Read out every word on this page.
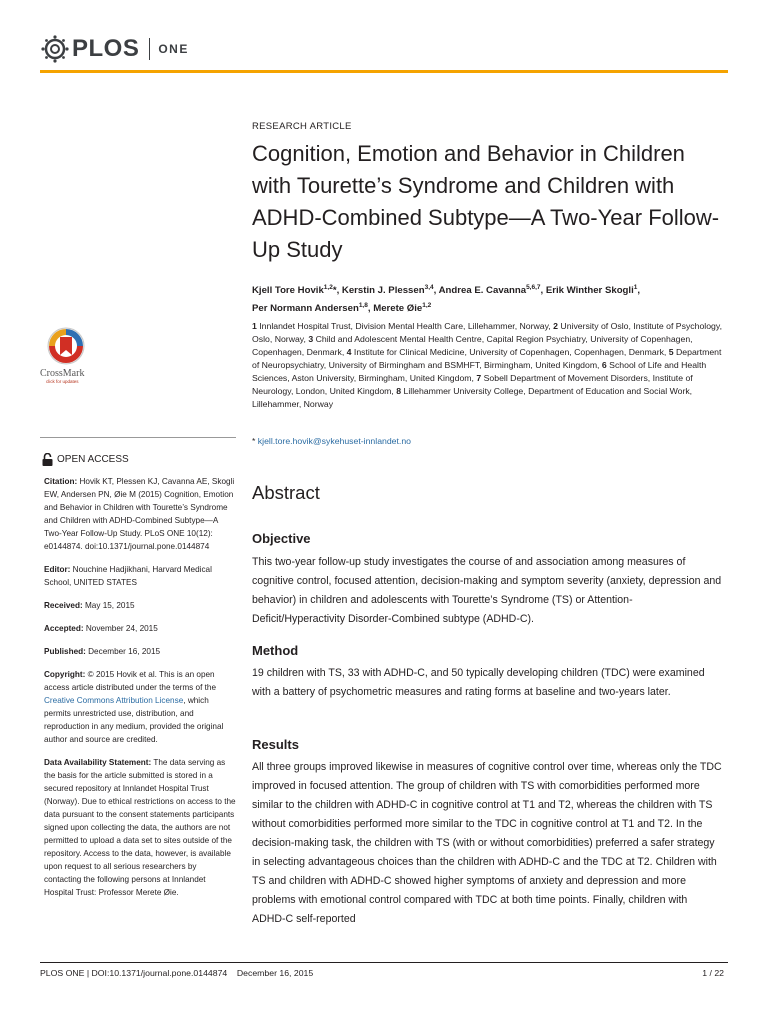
PLOS ONE
CrossMark
click for updates
OPEN ACCESS
Citation: Hovik KT, Plessen KJ, Cavanna AE, Skogli EW, Andersen PN, Øie M (2015) Cognition, Emotion and Behavior in Children with Tourette’s Syndrome and Children with ADHD-Combined Subtype—A Two-Year Follow-Up Study. PLoS ONE 10(12): e0144874. doi:10.1371/journal.pone.0144874
Editor: Nouchine Hadjikhani, Harvard Medical School, UNITED STATES
Received: May 15, 2015
Accepted: November 24, 2015
Published: December 16, 2015
Copyright: © 2015 Hovik et al. This is an open access article distributed under the terms of the Creative Commons Attribution License, which permits unrestricted use, distribution, and reproduction in any medium, provided the original author and source are credited.
Data Availability Statement: The data serving as the basis for the article submitted is stored in a secured repository at Innlandet Hospital Trust (Norway). Due to ethical restrictions on access to the data pursuant to the consent statements participants signed upon collecting the data, the authors are not permitted to upload a data set to sites outside of the repository. Access to the data, however, is available upon request to all serious researchers by contacting the following persons at Innlandet Hospital Trust: Professor Merete Øie.
RESEARCH ARTICLE
Cognition, Emotion and Behavior in Children with Tourette’s Syndrome and Children with ADHD-Combined Subtype—A Two-Year Follow-Up Study
Kjell Tore Hovik$^{1,2}$*, Kerstin J. Plessen$^{3,4}$, Andrea E. Cavanna$^{5,6,7}$, Erik Winther Skogli$^1$,
Per Normann Andersen$^{1,8}$, Merete Øie$^{1,2}$
1 Innlandet Hospital Trust, Division Mental Health Care, Lillehammer, Norway, 2 University of Oslo, Institute of Psychology, Oslo, Norway, 3 Child and Adolescent Mental Health Centre, Capital Region Psychiatry, University of Copenhagen, Copenhagen, Denmark, 4 Institute for Clinical Medicine, University of Copenhagen, Copenhagen, Denmark, 5 Department of Neuropsychiatry, University of Birmingham and BSMHFT, Birmingham, United Kingdom, 6 School of Life and Health Sciences, Aston University, Birmingham, United Kingdom, 7 Sobell Department of Movement Disorders, Institute of Neurology, London, United Kingdom, 8 Lillehammer University College, Department of Education and Social Work, Lillehammer, Norway
* kjell.tore.hovik@sykehuset-innlandet.no
Abstract
Objective
This two-year follow-up study investigates the course of and association among measures of cognitive control, focused attention, decision-making and symptom severity (anxiety, depression and behavior) in children and adolescents with Tourette’s Syndrome (TS) or Attention-Deficit/Hyperactivity Disorder-Combined subtype (ADHD-C).
Method
19 children with TS, 33 with ADHD-C, and 50 typically developing children (TDC) were examined with a battery of psychometric measures and rating forms at baseline and two-years later.
Results
All three groups improved likewise in measures of cognitive control over time, whereas only the TDC improved in focused attention. The group of children with TS with comorbidities performed more similar to the children with ADHD-C in cognitive control at T1 and T2, whereas the children with TS without comorbidities performed more similar to the TDC in cognitive control at T1 and T2. In the decision-making task, the children with TS (with or without comorbidities) preferred a safer strategy in selecting advantageous choices than the children with ADHD-C and the TDC at T2. Children with TS and children with ADHD-C showed higher symptoms of anxiety and depression and more problems with emotional control compared with TDC at both time points. Finally, children with ADHD-C self-reported
PLOS ONE | DOI:10.1371/journal.pone.0144874    December 16, 2015	1 / 22
